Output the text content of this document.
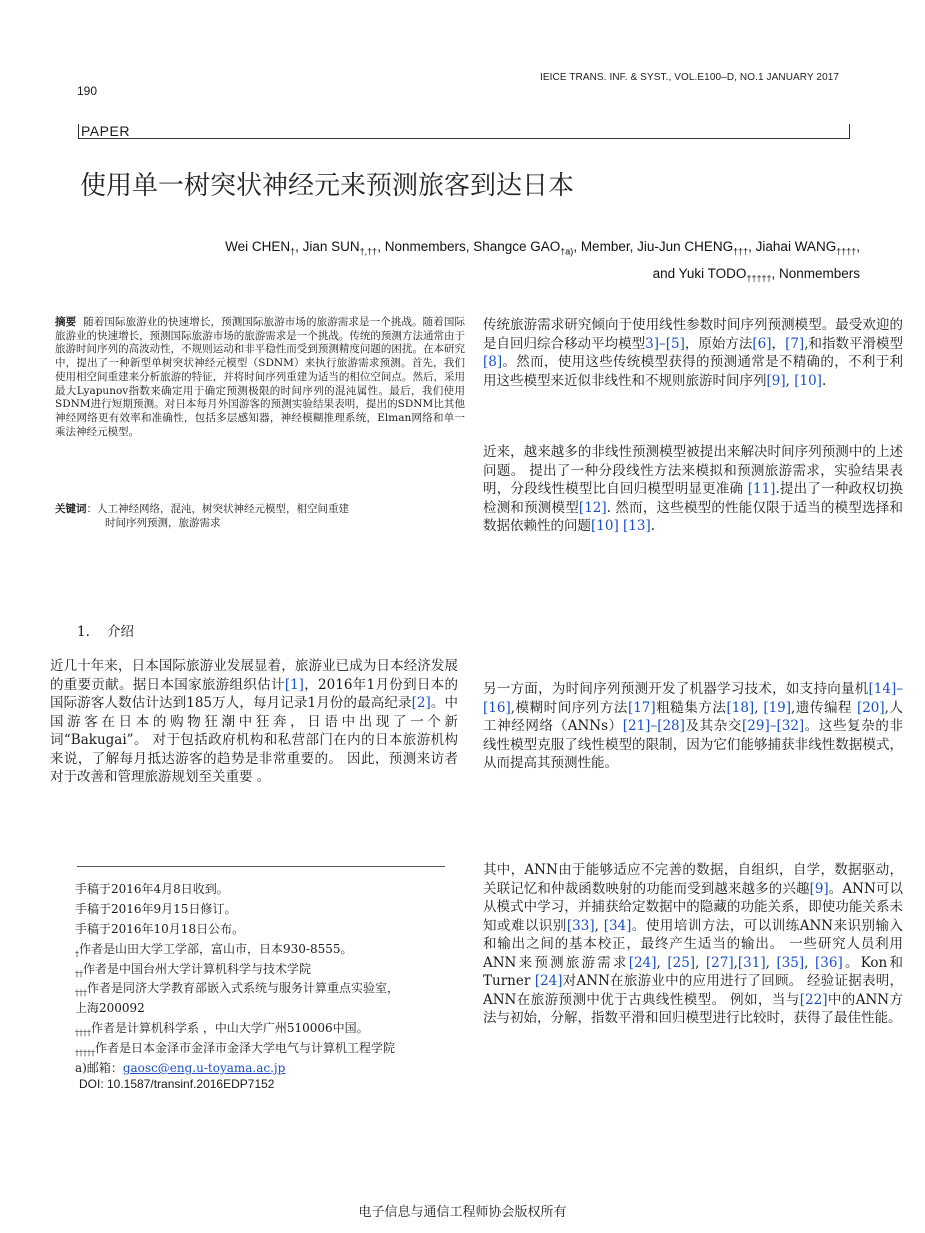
IEICE TRANS. INF. & SYST., VOL.E100–D, NO.1 JANUARY 2017
190
PAPER
使用单一树突状神经元来预测旅客到达日本
Wei $CHEN_\dagger$, Jian $SUN_{\dagger,\dagger\dagger}$, Nonmembers, Shangce $GAO_{\dagger a)}$, Member, Jiu-Jun $CHENG_{\dagger\dagger\dagger}$, Jiahai $WANG_{\dagger\dagger\dagger\dagger}$,
and Yuki $TODO_{\dagger\dagger\dagger\dagger\dagger}$, Nonmembers
摘要 随着国际旅游业的快速增长，预测国际旅游市场的旅游需求是一个挑战。随着国际旅游业的快速增长，预测国际旅游市场的旅游需求是一个挑战。传统的预测方法通常由于旅游时间序列的高波动性，不规则运动和非平稳性而受到预测精度问题的困扰。在本研究中，提出了一种新型单树突状神经元模型（SDNM）来执行旅游需求预测。首先，我们使用相空间重建来分析旅游的特征，并将时间序列重建为适当的相位空间点。然后，采用最大Lyapunov指数来确定用于确定预测极限的时间序列的混沌属性。最后，我们使用SDNM进行短期预测。对日本每月外国游客的预测实验结果表明，提出的SDNM比其他神经网络更有效率和准确性，包括多层感知器，神经模糊推理系统，Elman网络和单一乘法神经元模型。
关键词：人工神经网络，混沌，树突状神经元模型，相空间重建
时间序列预测，旅游需求
传统旅游需求研究倾向于使用线性参数时间序列预测模型。最受欢迎的是自回归综合移动平均模型3]–[5]，原始方法[6]，[7],和指数平滑模型[8]。然而，使用这些传统模型获得的预测通常是不精确的，不利于利用这些模型来近似非线性和不规则旅游时间序列[9], [10].
近来，越来越多的非线性预测模型被提出来解决时间序列预测中的上述问题。 提出了一种分段线性方法来模拟和预测旅游需求，实验结果表明，分段线性模型比自回归模型明显更准确 [11].提出了一种政权切换检测和预测模型[12]. 然而，这些模型的性能仅限于适当的模型选择和数据依赖性的问题[10] [13].
另一方面，为时间序列预测开发了机器学习技术，如支持向量机[14]–[16],模糊时间序列方法[17]粗糙集方法[18], [19],遗传编程 [20],人工神经网络（ANNs）[21]–[28]及其杂交[29]–[32]。这些复杂的非线性模型克服了线性模型的限制，因为它们能够捕获非线性数据模式，从而提高其预测性能。
其中，ANN由于能够适应不完善的数据，自组织，自学，数据驱动，关联记忆和仲裁函数映射的功能而受到越来越多的兴趣[9]。ANN可以从模式中学习，并捕获给定数据中的隐藏的功能关系，即使功能关系未知或难以识别[33], [34]。使用培训方法，可以训练ANN来识别输入和输出之间的基本校正，最终产生适当的输出。 一些研究人员利用ANN来预测旅游需求[24], [25], [27],[31], [35], [36]。Kon和Turner [24]对ANN在旅游业中的应用进行了回顾。 经验证据表明，ANN在旅游预测中优于古典线性模型。 例如，当与[22]中的ANN方法与初始，分解，指数平滑和回归模型进行比较时，获得了最佳性能。
1. 介绍
近几十年来，日本国际旅游业发展显着，旅游业已成为日本经济发展的重要贡献。据日本国家旅游组织估计[1]，2016年1月份到日本的国际游客人数估计达到185万人，每月记录1月份的最高纪录[2]。中国游客在日本的购物狂潮中狂奔，日语中出现了一个新词“Bakugai”。 对于包括政府机构和私营部门在内的日本旅游机构来说，了解每月抵达游客的趋势是非常重要的。 因此，预测来访者对于改善和管理旅游规划至关重要 。
手稿于2016年4月8日收到。
手稿于2016年9月15日修订。
手稿于2016年10月18日公布。
$_\dagger$作者是山田大学工学部，富山市，日本930-8555。
$_{\dagger\dagger}$作者是中国台州大学计算机科学与技术学院
$_{\dagger\dagger\dagger}$作者是同济大学教育部嵌入式系统与服务计算重点实验室，
上海200092
$_{\dagger\dagger\dagger\dagger}$作者是计算机科学系 ，中山大学广州510006中国。
$_{\dagger\dagger\dagger\dagger\dagger}$作者是日本金泽市金泽市金泽大学电气与计算机工程学院
a)邮箱：gaosc@eng.u-toyama.ac.jp
DOI: 10.1587/transinf.2016EDP7152
电子信息与通信工程师协会版权所有
